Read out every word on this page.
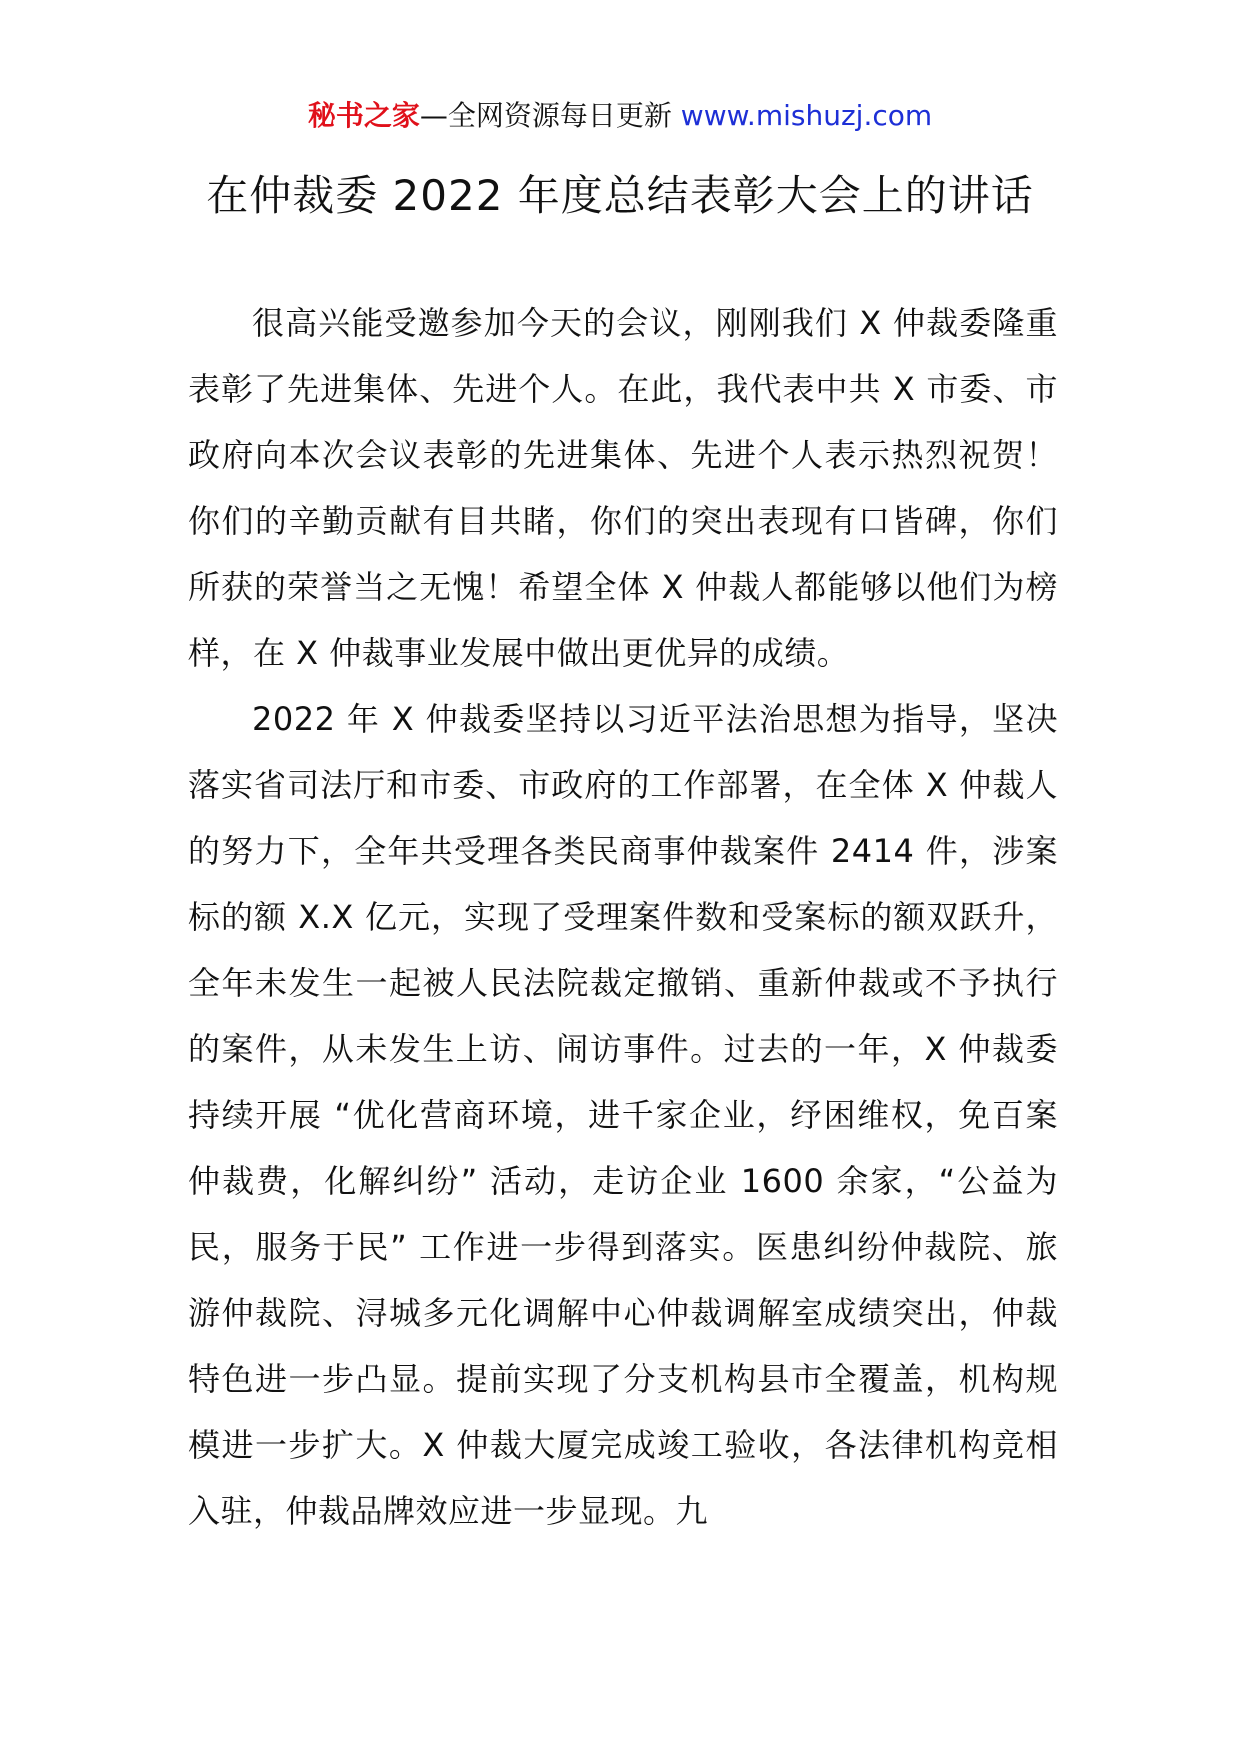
秘书之家—全网资源每日更新 www.mishuzj.com
在仲裁委 2022 年度总结表彰大会上的讲话

很高兴能受邀参加今天的会议，刚刚我们 X 仲裁委隆重表彰了先进集体、先进个人。在此，我代表中共 X 市委、市政府向本次会议表彰的先进集体、先进个人表示热烈祝贺！你们的辛勤贡献有目共睹，你们的突出表现有口皆碑，你们所获的荣誉当之无愧！希望全体 X 仲裁人都能够以他们为榜样，在 X 仲裁事业发展中做出更优异的成绩。

2022 年 X 仲裁委坚持以习近平法治思想为指导，坚决落实省司法厅和市委、市政府的工作部署，在全体 X 仲裁人的努力下，全年共受理各类民商事仲裁案件 2414 件，涉案标的额 X.X 亿元，实现了受理案件数和受案标的额双跃升，全年未发生一起被人民法院裁定撤销、重新仲裁或不予执行的案件，从未发生上访、闹访事件。过去的一年，X 仲裁委持续开展 “优化营商环境，进千家企业，纾困维权，免百案仲裁费，化解纠纷” 活动，走访企业 1600 余家，“公益为民，服务于民” 工作进一步得到落实。医患纠纷仲裁院、旅游仲裁院、浔城多元化调解中心仲裁调解室成绩突出，仲裁特色进一步凸显。提前实现了分支机构县市全覆盖，机构规模进一步扩大。X 仲裁大厦完成竣工验收，各法律机构竞相入驻，仲裁品牌效应进一步显现。九
